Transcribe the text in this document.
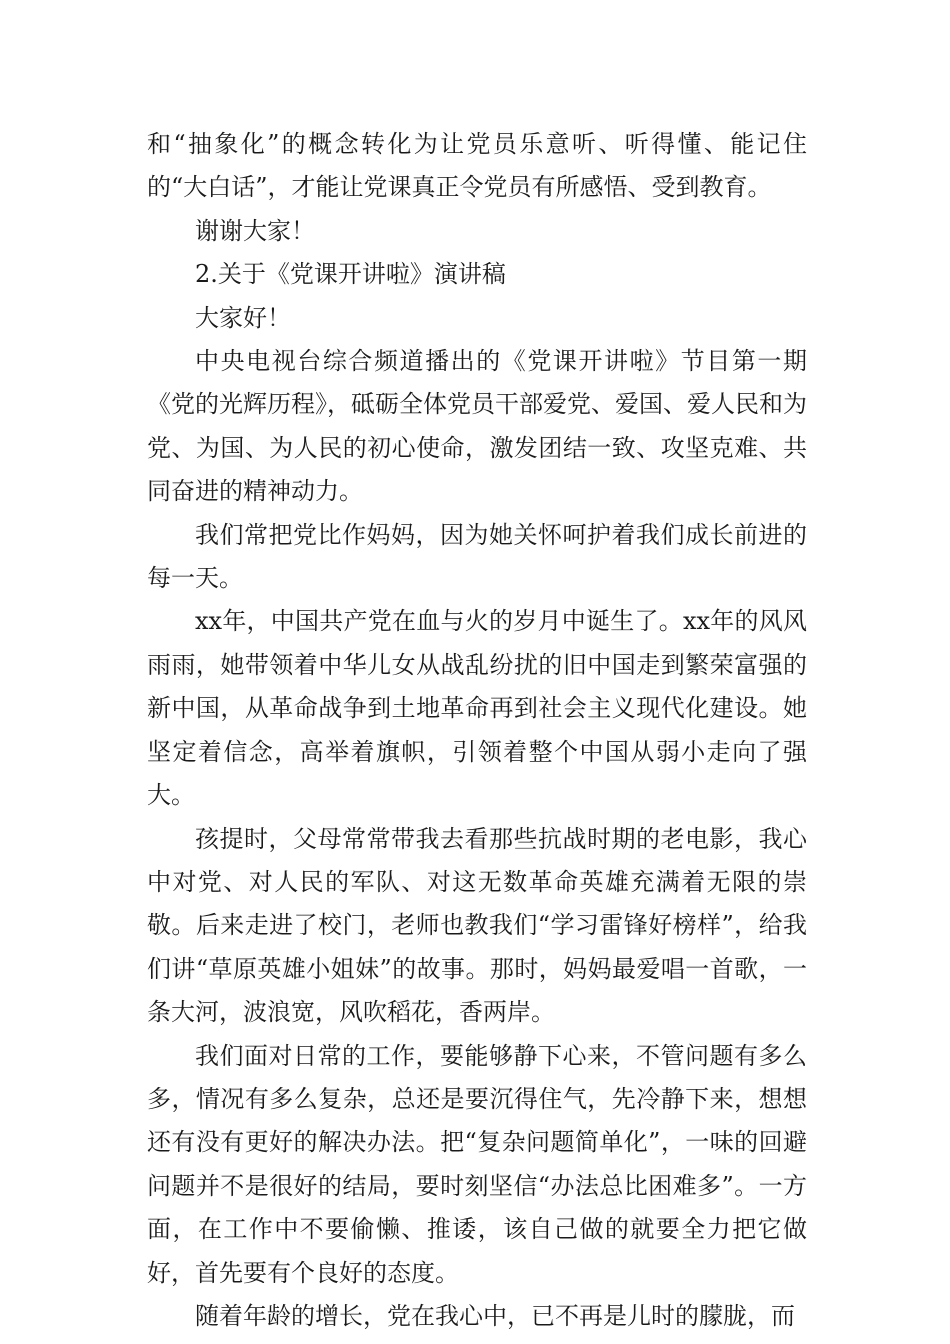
和“抽象化”的概念转化为让党员乐意听、听得懂、能记住的“大白话”，才能让党课真正令党员有所感悟、受到教育。

谢谢大家！

2.关于《党课开讲啦》演讲稿

大家好！

中央电视台综合频道播出的《党课开讲啦》节目第一期《党的光辉历程》，砥砺全体党员干部爱党、爱国、爱人民和为党、为国、为人民的初心使命，激发团结一致、攻坚克难、共同奋进的精神动力。

我们常把党比作妈妈，因为她关怀呵护着我们成长前进的每一天。

xx年，中国共产党在血与火的岁月中诞生了。xx年的风风雨雨，她带领着中华儿女从战乱纷扰的旧中国走到繁荣富强的新中国，从革命战争到土地革命再到社会主义现代化建设。她坚定着信念，高举着旗帜，引领着整个中国从弱小走向了强大。

孩提时，父母常常带我去看那些抗战时期的老电影，我心中对党、对人民的军队、对这无数革命英雄充满着无限的崇敬。后来走进了校门，老师也教我们“学习雷锋好榜样”，给我们讲“草原英雄小姐妹”的故事。那时，妈妈最爱唱一首歌，一条大河，波浪宽，风吹稻花，香两岸。

我们面对日常的工作，要能够静下心来，不管问题有多么多，情况有多么复杂，总还是要沉得住气，先冷静下来，想想还有没有更好的解决办法。把“复杂问题简单化”，一味的回避问题并不是很好的结局，要时刻坚信“办法总比困难多”。一方面，在工作中不要偷懒、推诿，该自己做的就要全力把它做好，首先要有个良好的态度。

随着年龄的增长，党在我心中，已不再是儿时的朦胧，而
